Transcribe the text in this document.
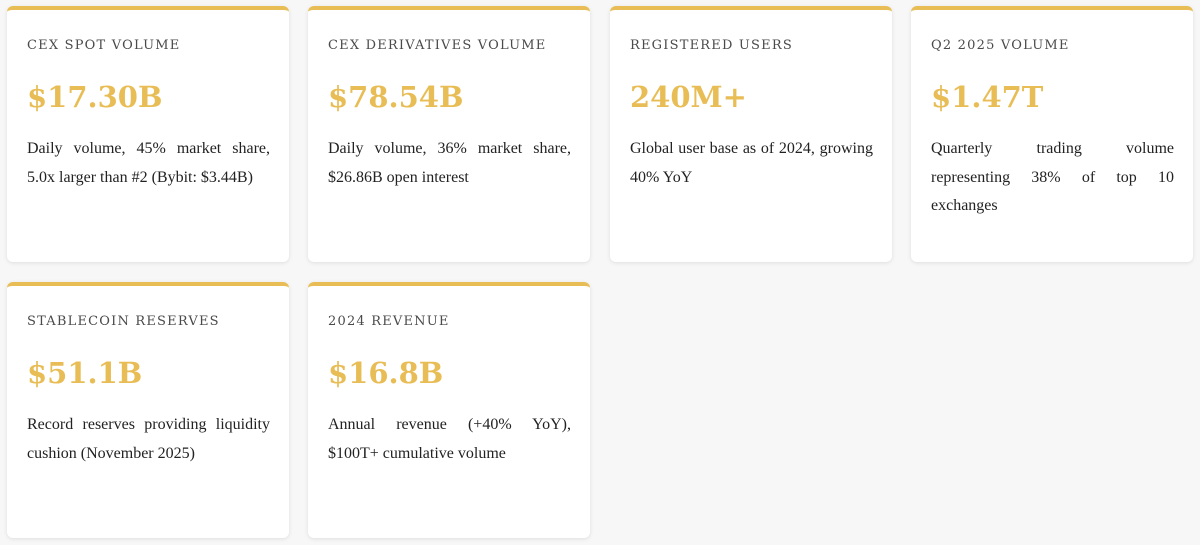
CEX SPOT VOLUME
$17.30B
Daily volume, 45% market share, 5.0x larger than #2 (Bybit: $3.44B)
CEX DERIVATIVES VOLUME
$78.54B
Daily volume, 36% market share, $26.86B open interest
REGISTERED USERS
240M+
Global user base as of 2024, growing 40% YoY
Q2 2025 VOLUME
$1.47T
Quarterly trading volume representing 38% of top 10 exchanges
STABLECOIN RESERVES
$51.1B
Record reserves providing liquidity cushion (November 2025)
2024 REVENUE
$16.8B
Annual revenue (+40% YoY), $100T+ cumulative volume
